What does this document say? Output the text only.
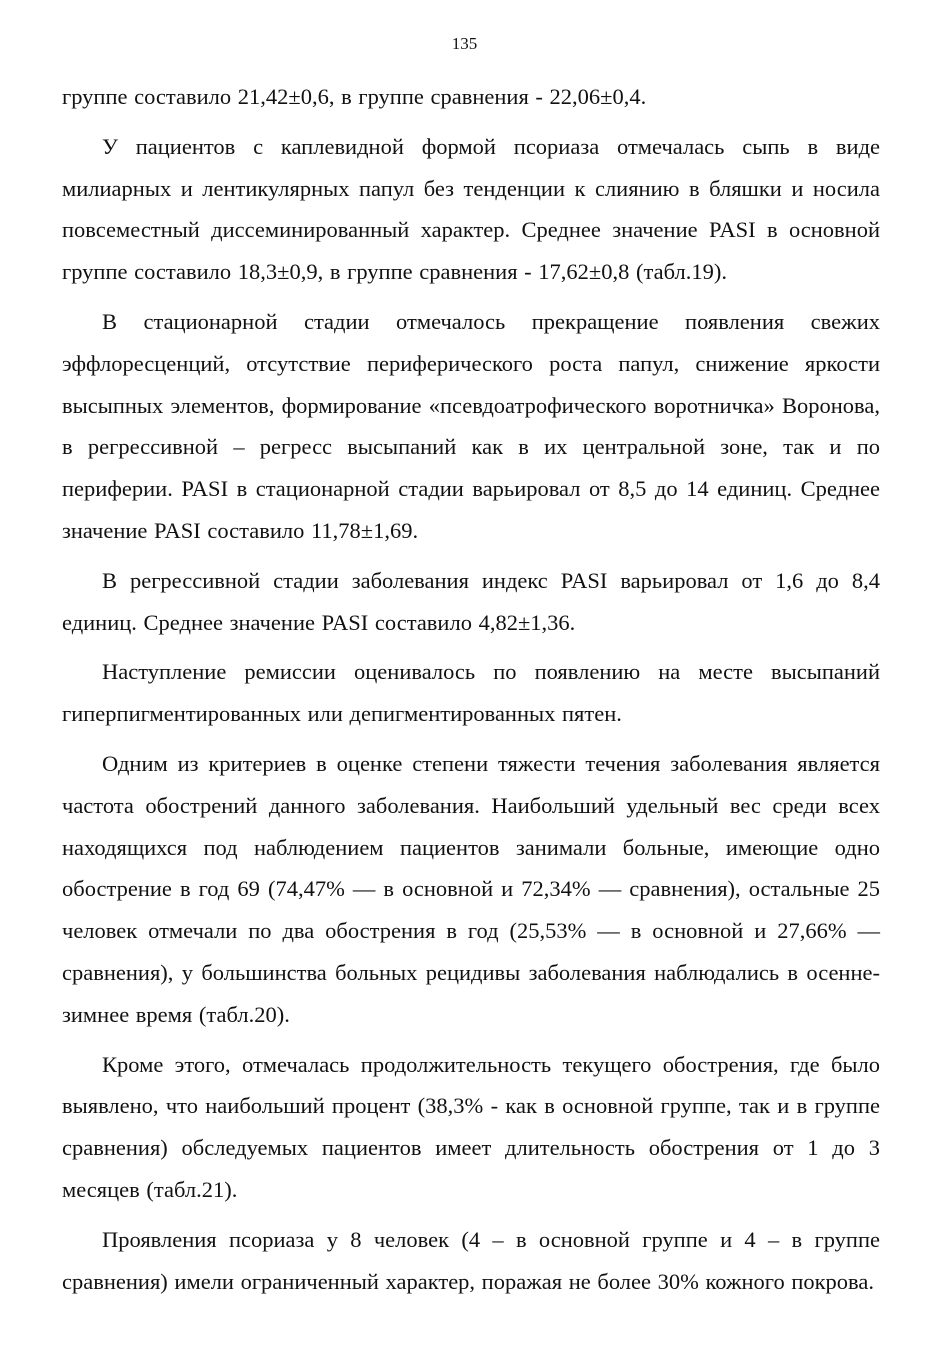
135

группе составило 21,42±0,6, в группе сравнения - 22,06±0,4.

У пациентов с каплевидной формой псориаза отмечалась сыпь в виде милиарных и лентикулярных папул без тенденции к слиянию в бляшки и носила повсеместный диссеминированный характер. Среднее значение PASI в основной группе составило 18,3±0,9, в группе сравнения - 17,62±0,8 (табл.19).

В стационарной стадии отмечалось прекращение появления свежих эффлоресценций, отсутствие периферического роста папул, снижение яркости высыпных элементов, формирование «псевдоатрофического воротничка» Воронова, в регрессивной – регресс высыпаний как в их центральной зоне, так и по периферии. PASI в стационарной стадии варьировал от 8,5 до 14 единиц. Среднее значение PASI составило 11,78±1,69.

В регрессивной стадии заболевания индекс PASI варьировал от 1,6 до 8,4 единиц. Среднее значение PASI составило 4,82±1,36.

Наступление ремиссии оценивалось по появлению на месте высыпаний гиперпигментированных или депигментированных пятен.

Одним из критериев в оценке степени тяжести течения заболевания является частота обострений данного заболевания. Наибольший удельный вес среди всех находящихся под наблюдением пациентов занимали больные, имеющие одно обострение в год 69 (74,47% — в основной и 72,34% — сравнения), остальные 25 человек отмечали по два обострения в год (25,53% — в основной и 27,66% — сравнения), у большинства больных рецидивы заболевания наблюдались в осенне-зимнее время (табл.20).

Кроме этого, отмечалась продолжительность текущего обострения, где было выявлено, что наибольший процент (38,3% - как в основной группе, так и в группе сравнения) обследуемых пациентов имеет длительность обострения от 1 до 3 месяцев (табл.21).

Проявления псориаза у 8 человек (4 – в основной группе и 4 – в группе сравнения) имели ограниченный характер, поражая не более 30% кожного покрова.
